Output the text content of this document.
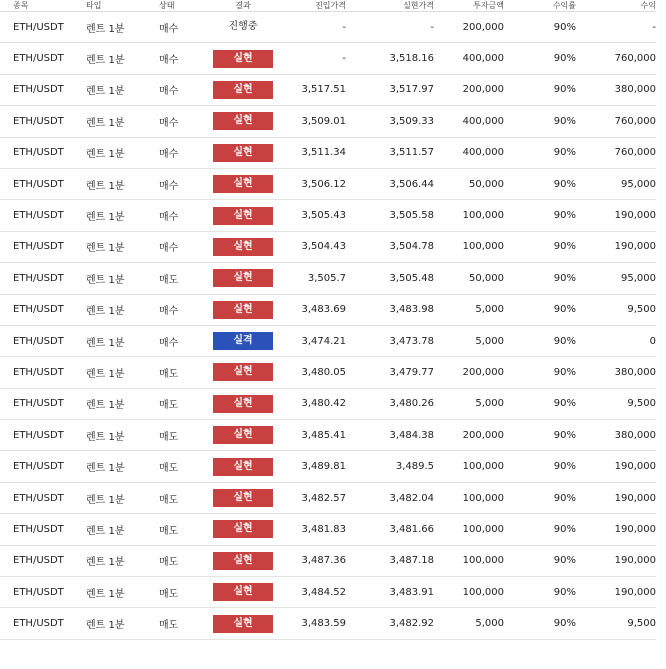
종목	타입	상태	결과	진입가격	실현가격	투자금액	수익률	수익
ETH/USDT	렌트 1분	매수	진행중	-	-	200,000	90%	-
ETH/USDT	렌트 1분	매수	실현	-	3,518.16	400,000	90%	760,000
ETH/USDT	렌트 1분	매수	실현	3,517.51	3,517.97	200,000	90%	380,000
ETH/USDT	렌트 1분	매수	실현	3,509.01	3,509.33	400,000	90%	760,000
ETH/USDT	렌트 1분	매수	실현	3,511.34	3,511.57	400,000	90%	760,000
ETH/USDT	렌트 1분	매수	실현	3,506.12	3,506.44	50,000	90%	95,000
ETH/USDT	렌트 1분	매수	실현	3,505.43	3,505.58	100,000	90%	190,000
ETH/USDT	렌트 1분	매수	실현	3,504.43	3,504.78	100,000	90%	190,000
ETH/USDT	렌트 1분	매도	실현	3,505.7	3,505.48	50,000	90%	95,000
ETH/USDT	렌트 1분	매수	실현	3,483.69	3,483.98	5,000	90%	9,500
ETH/USDT	렌트 1분	매수	실격	3,474.21	3,473.78	5,000	90%	0
ETH/USDT	렌트 1분	매도	실현	3,480.05	3,479.77	200,000	90%	380,000
ETH/USDT	렌트 1분	매도	실현	3,480.42	3,480.26	5,000	90%	9,500
ETH/USDT	렌트 1분	매도	실현	3,485.41	3,484.38	200,000	90%	380,000
ETH/USDT	렌트 1분	매도	실현	3,489.81	3,489.5	100,000	90%	190,000
ETH/USDT	렌트 1분	매도	실현	3,482.57	3,482.04	100,000	90%	190,000
ETH/USDT	렌트 1분	매도	실현	3,481.83	3,481.66	100,000	90%	190,000
ETH/USDT	렌트 1분	매도	실현	3,487.36	3,487.18	100,000	90%	190,000
ETH/USDT	렌트 1분	매도	실현	3,484.52	3,483.91	100,000	90%	190,000
ETH/USDT	렌트 1분	매도	실현	3,483.59	3,482.92	5,000	90%	9,500
